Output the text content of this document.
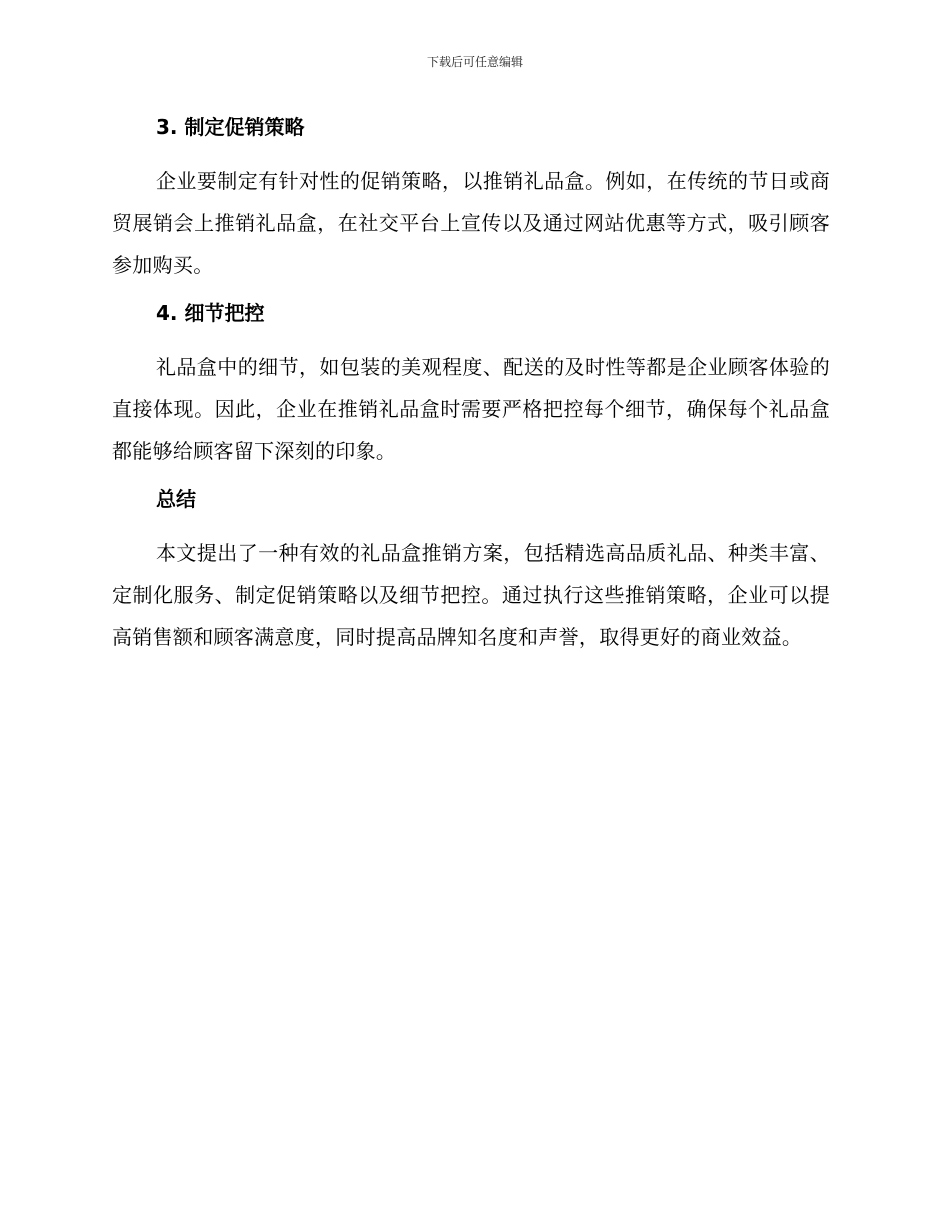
下载后可任意编辑
3. 制定促销策略

企业要制定有针对性的促销策略，以推销礼品盒。例如，在传统的节日或商贸展销会上推销礼品盒，在社交平台上宣传以及通过网站优惠等方式，吸引顾客参加购买。

4. 细节把控

礼品盒中的细节，如包装的美观程度、配送的及时性等都是企业顾客体验的直接体现。因此，企业在推销礼品盒时需要严格把控每个细节，确保每个礼品盒都能够给顾客留下深刻的印象。

总结

本文提出了一种有效的礼品盒推销方案，包括精选高品质礼品、种类丰富、定制化服务、制定促销策略以及细节把控。通过执行这些推销策略，企业可以提高销售额和顾客满意度，同时提高品牌知名度和声誉，取得更好的商业效益。
